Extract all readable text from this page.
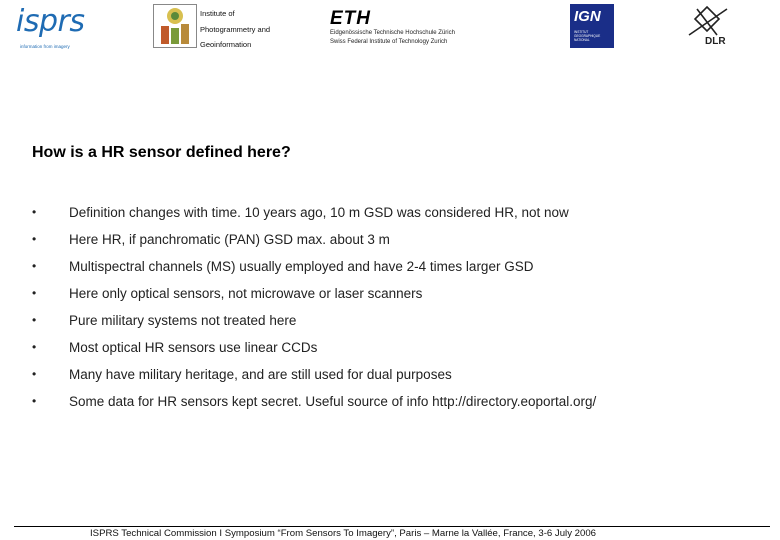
isprs
information from imagery
Institute of
Photogrammetry and
Geoinformation
ETH
Eidgenössische Technische Hochschule Zürich
Swiss Federal Institute of Technology Zurich
IGN
INSTITUT GEOGRAPHIQUE NATIONAL	DLR
How is a HR sensor defined here?
• Definition changes with time. 10 years ago, 10 m GSD was considered HR, not now
• Here HR, if panchromatic (PAN) GSD max. about 3 m
• Multispectral channels (MS) usually employed and have 2-4 times larger GSD
• Here only optical sensors, not microwave or laser scanners
• Pure military systems not treated here
• Most optical HR sensors use linear CCDs
• Many have military heritage, and are still used for dual purposes
• Some data for HR sensors kept secret. Useful source of info http://directory.eoportal.org/
ISPRS Technical Commission I Symposium “From Sensors To Imagery”, Paris – Marne la Vallée, France, 3-6 July 2006
